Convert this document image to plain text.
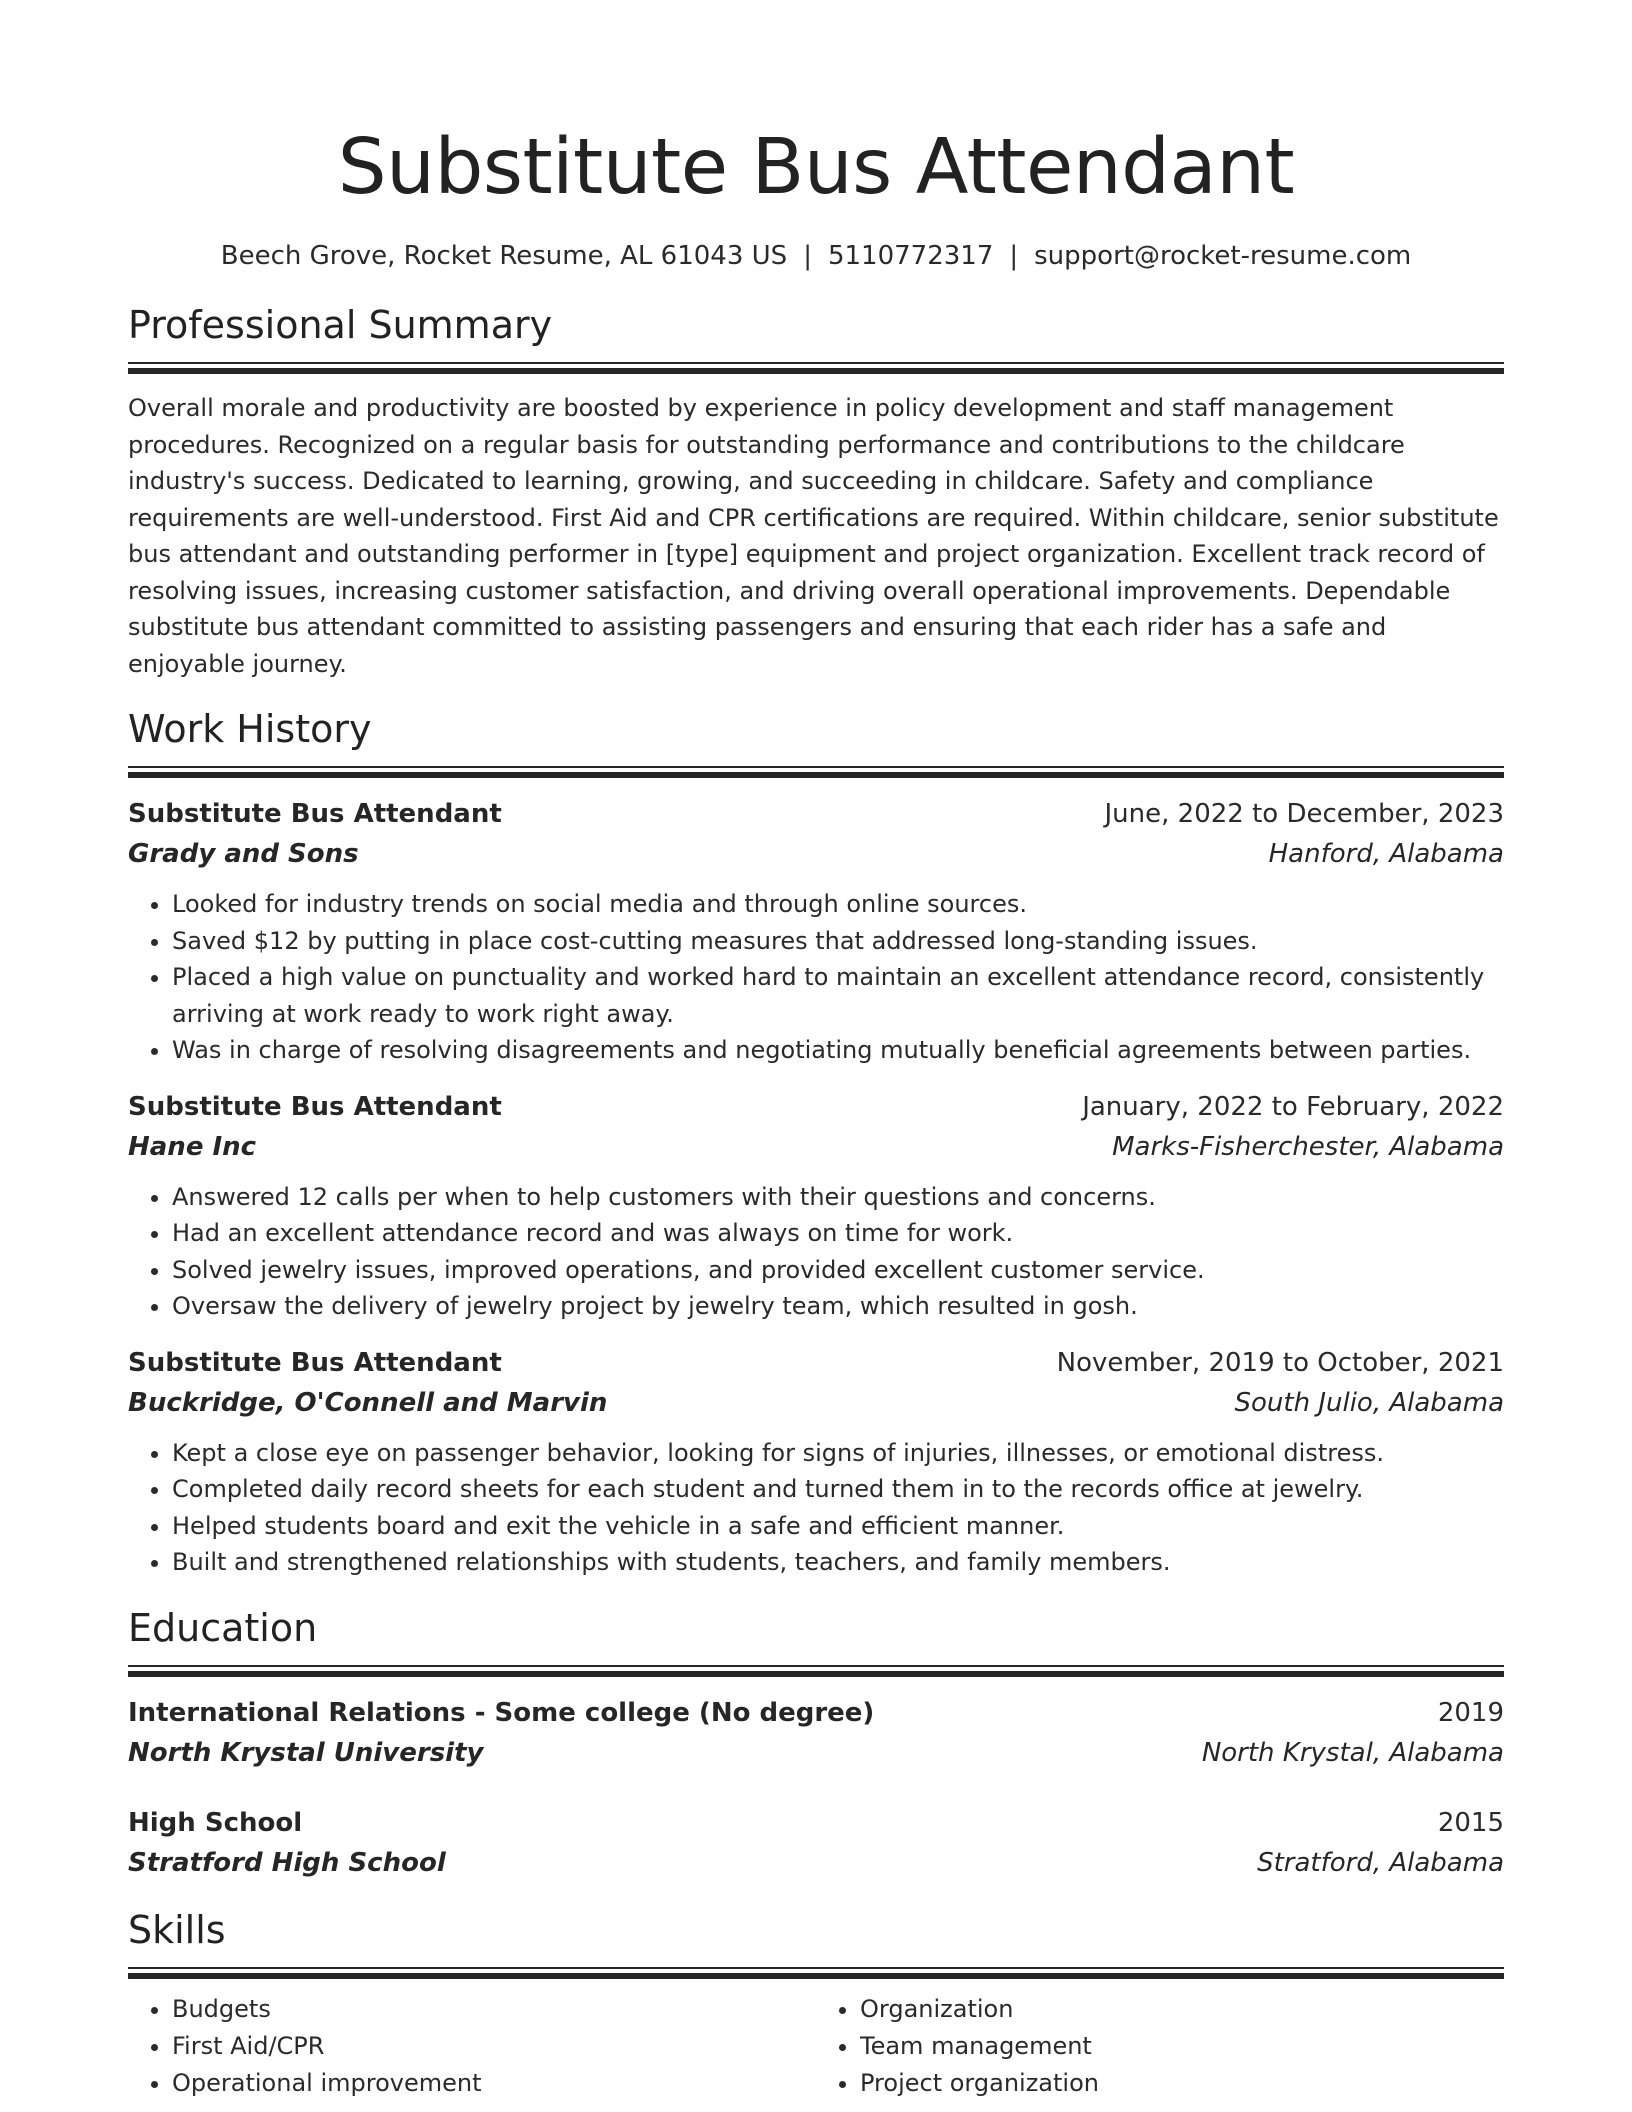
Substitute Bus Attendant
Beech Grove, Rocket Resume, AL 61043 US | 5110772317 | support@rocket-resume.com
Professional Summary

Overall morale and productivity are boosted by experience in policy development and staff management procedures. Recognized on a regular basis for outstanding performance and contributions to the childcare industry's success. Dedicated to learning, growing, and succeeding in childcare. Safety and compliance requirements are well-understood. First Aid and CPR certifications are required. Within childcare, senior substitute bus attendant and outstanding performer in [type] equipment and project organization. Excellent track record of resolving issues, increasing customer satisfaction, and driving overall operational improvements. Dependable substitute bus attendant committed to assisting passengers and ensuring that each rider has a safe and enjoyable journey.

Work History
Substitute Bus Attendant	June, 2022 to December, 2023
Grady and Sons	Hanford, Alabama
• Looked for industry trends on social media and through online sources.
• Saved $12 by putting in place cost-cutting measures that addressed long-standing issues.
• Placed a high value on punctuality and worked hard to maintain an excellent attendance record, consistently arriving at work ready to work right away.
• Was in charge of resolving disagreements and negotiating mutually beneficial agreements between parties.
Substitute Bus Attendant	January, 2022 to February, 2022
Hane Inc	Marks-Fisherchester, Alabama
• Answered 12 calls per when to help customers with their questions and concerns.
• Had an excellent attendance record and was always on time for work.
• Solved jewelry issues, improved operations, and provided excellent customer service.
• Oversaw the delivery of jewelry project by jewelry team, which resulted in gosh.
Substitute Bus Attendant	November, 2019 to October, 2021
Buckridge, O'Connell and Marvin	South Julio, Alabama
• Kept a close eye on passenger behavior, looking for signs of injuries, illnesses, or emotional distress.
• Completed daily record sheets for each student and turned them in to the records office at jewelry.
• Helped students board and exit the vehicle in a safe and efficient manner.
• Built and strengthened relationships with students, teachers, and family members.
Education
International Relations - Some college (No degree)	2019
North Krystal University	North Krystal, Alabama
High School	2015
Stratford High School	Stratford, Alabama
Skills
• Budgets
• First Aid/CPR
• Operational improvement
• Organization
• Team management
• Project organization
